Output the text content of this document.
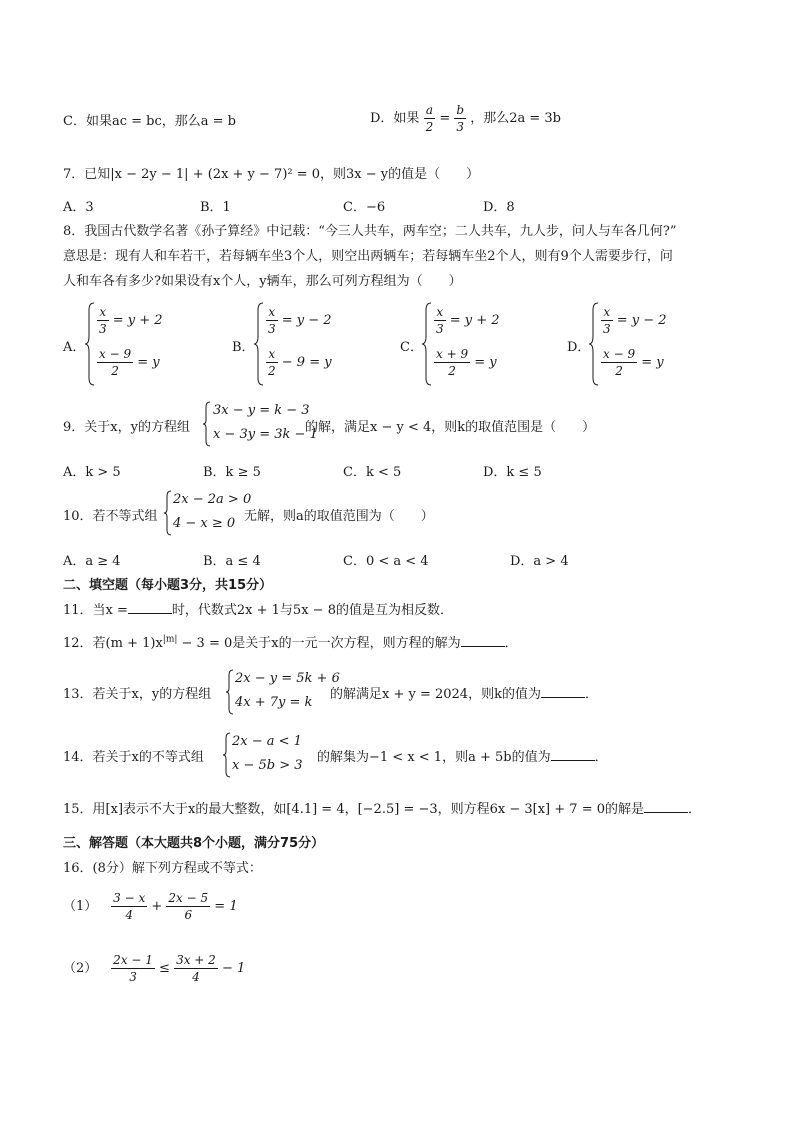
C．如果ac = bc，那么a = b	D．如果 $\frac{a}{2} = \frac{b}{3}$ ，那么2a = 3b
7．已知|x − 2y − 1| + (2x + y − 7)² = 0，则3x − y的值是（　　）
A．3	B．1	C．−6	D．8
8．我国古代数学名著《孙子算经》中记载：“今三人共车，两车空；二人共车，九人步，问人与车各几何?”
意思是：现有人和车若干，若每辆车坐3个人，则空出两辆车；若每辆车坐2个人，则有9个人需要步行，问
人和车各有多少?如果设有x个人，y辆车，那么可列方程组为（　　）
A．
$\frac{x}{3} = y + 2$
$\frac{x - 9}{2} = y$
B．
$\frac{x}{3} = y - 2$
$\frac{x}{2} - 9 = y$
C．
$\frac{x}{3} = y + 2$
$\frac{x + 9}{2} = y$
D．
$\frac{x}{3} = y - 2$
$\frac{x - 9}{2} = y$
9．关于x，y的方程组
3x − y = k − 3
x − 3y = 3k − 1
的解，满足x − y < 4，则k的取值范围是（　　）
A．k > 5	B．k ≥ 5	C．k < 5	D．k ≤ 5
10．若不等式组
2x − 2a > 0
4 − x ≥ 0 无解，则a的取值范围为（　　）
A．a ≥ 4	B．a ≤ 4	C．0 < a < 4	D．a > 4
二、填空题（每小题3分，共15分）
11．当x =	时，代数式2x + 1与5x − 8的值是互为相反数．
12．若$(m + 1)x^{|m|} - 3 = 0$是关于x的一元一次方程，则方程的解为	．
13．若关于x，y的方程组
2x − y = 5k + 6
4x + 7y = k
的解满足x + y = 2024，则k的值为	．
14．若关于x的不等式组
2x − a < 1
x − 5b > 3
的解集为−1 < x < 1，则a + 5b的值为	．
15．用[x]表示不大于x的最大整数，如[4.1] = 4，[−2.5] = −3，则方程6x − 3[x] + 7 = 0的解是	．
三、解答题（本大题共8个小题，满分75分）
16．(8分）解下列方程或不等式：
$(1) \frac{3 - x}{4} + \frac{2x - 5}{6} = 1$
$(2) \frac{2x - 1}{3} \le \frac{3x + 2}{4} - 1$
